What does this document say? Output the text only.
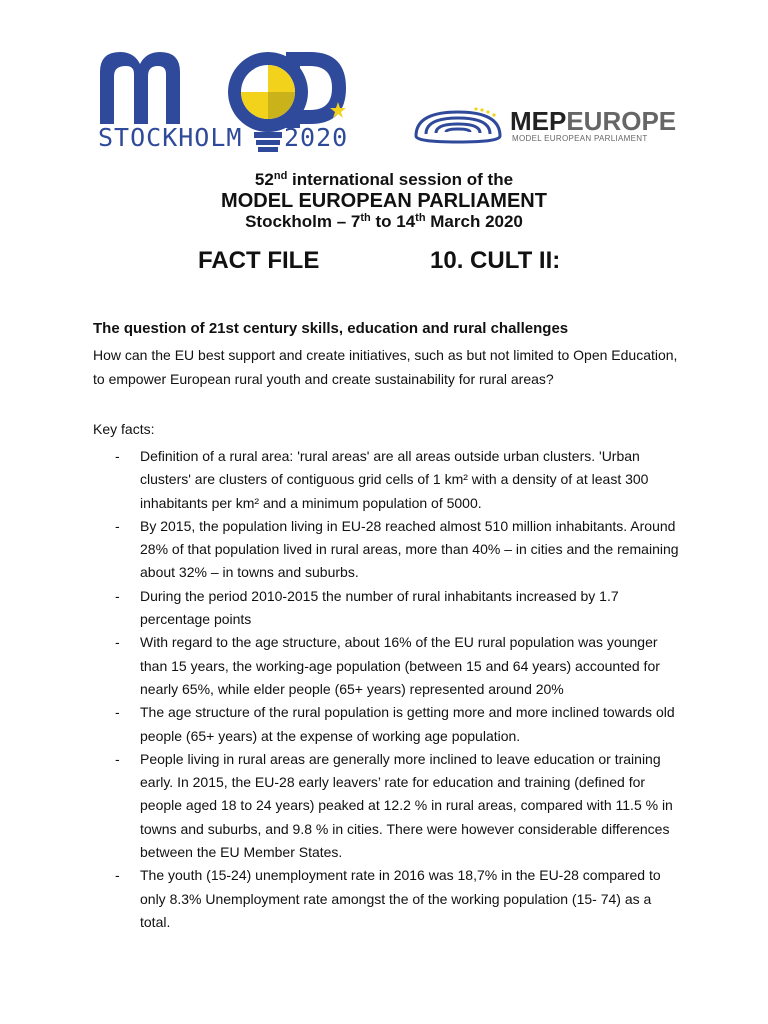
STOCKHOLM 2020
MEPEUROPE
MODEL EUROPEAN PARLIAMENT
52nd international session of the
MODEL EUROPEAN PARLIAMENT
Stockholm – 7th to 14th March 2020
FACT FILE	10. CULT II:
The question of 21st century skills, education and rural challenges
How can the EU best support and create initiatives, such as but not limited to Open Education, to empower European rural youth and create sustainability for rural areas?
Key facts:
- Definition of a rural area: 'rural areas' are all areas outside urban clusters. 'Urban clusters' are clusters of contiguous grid cells of 1 km² with a density of at least 300 inhabitants per km² and a minimum population of 5000.
- By 2015, the population living in EU-28 reached almost 510 million inhabitants. Around 28% of that population lived in rural areas, more than 40% – in cities and the remaining about 32% – in towns and suburbs.
- During the period 2010-2015 the number of rural inhabitants increased by 1.7 percentage points
- With regard to the age structure, about 16% of the EU rural population was younger than 15 years, the working-age population (between 15 and 64 years) accounted for nearly 65%, while elder people (65+ years) represented around 20%
- The age structure of the rural population is getting more and more inclined towards old people (65+ years) at the expense of working age population.
- People living in rural areas are generally more inclined to leave education or training early. In 2015, the EU-28 early leavers’ rate for education and training (defined for people aged 18 to 24 years) peaked at 12.2 % in rural areas, compared with 11.5 % in towns and suburbs, and 9.8 % in cities. There were however considerable differences between the EU Member States.
- The youth (15-24) unemployment rate in 2016 was 18,7% in the EU-28 compared to only 8.3% Unemployment rate amongst the of the working population (15- 74) as a total.
